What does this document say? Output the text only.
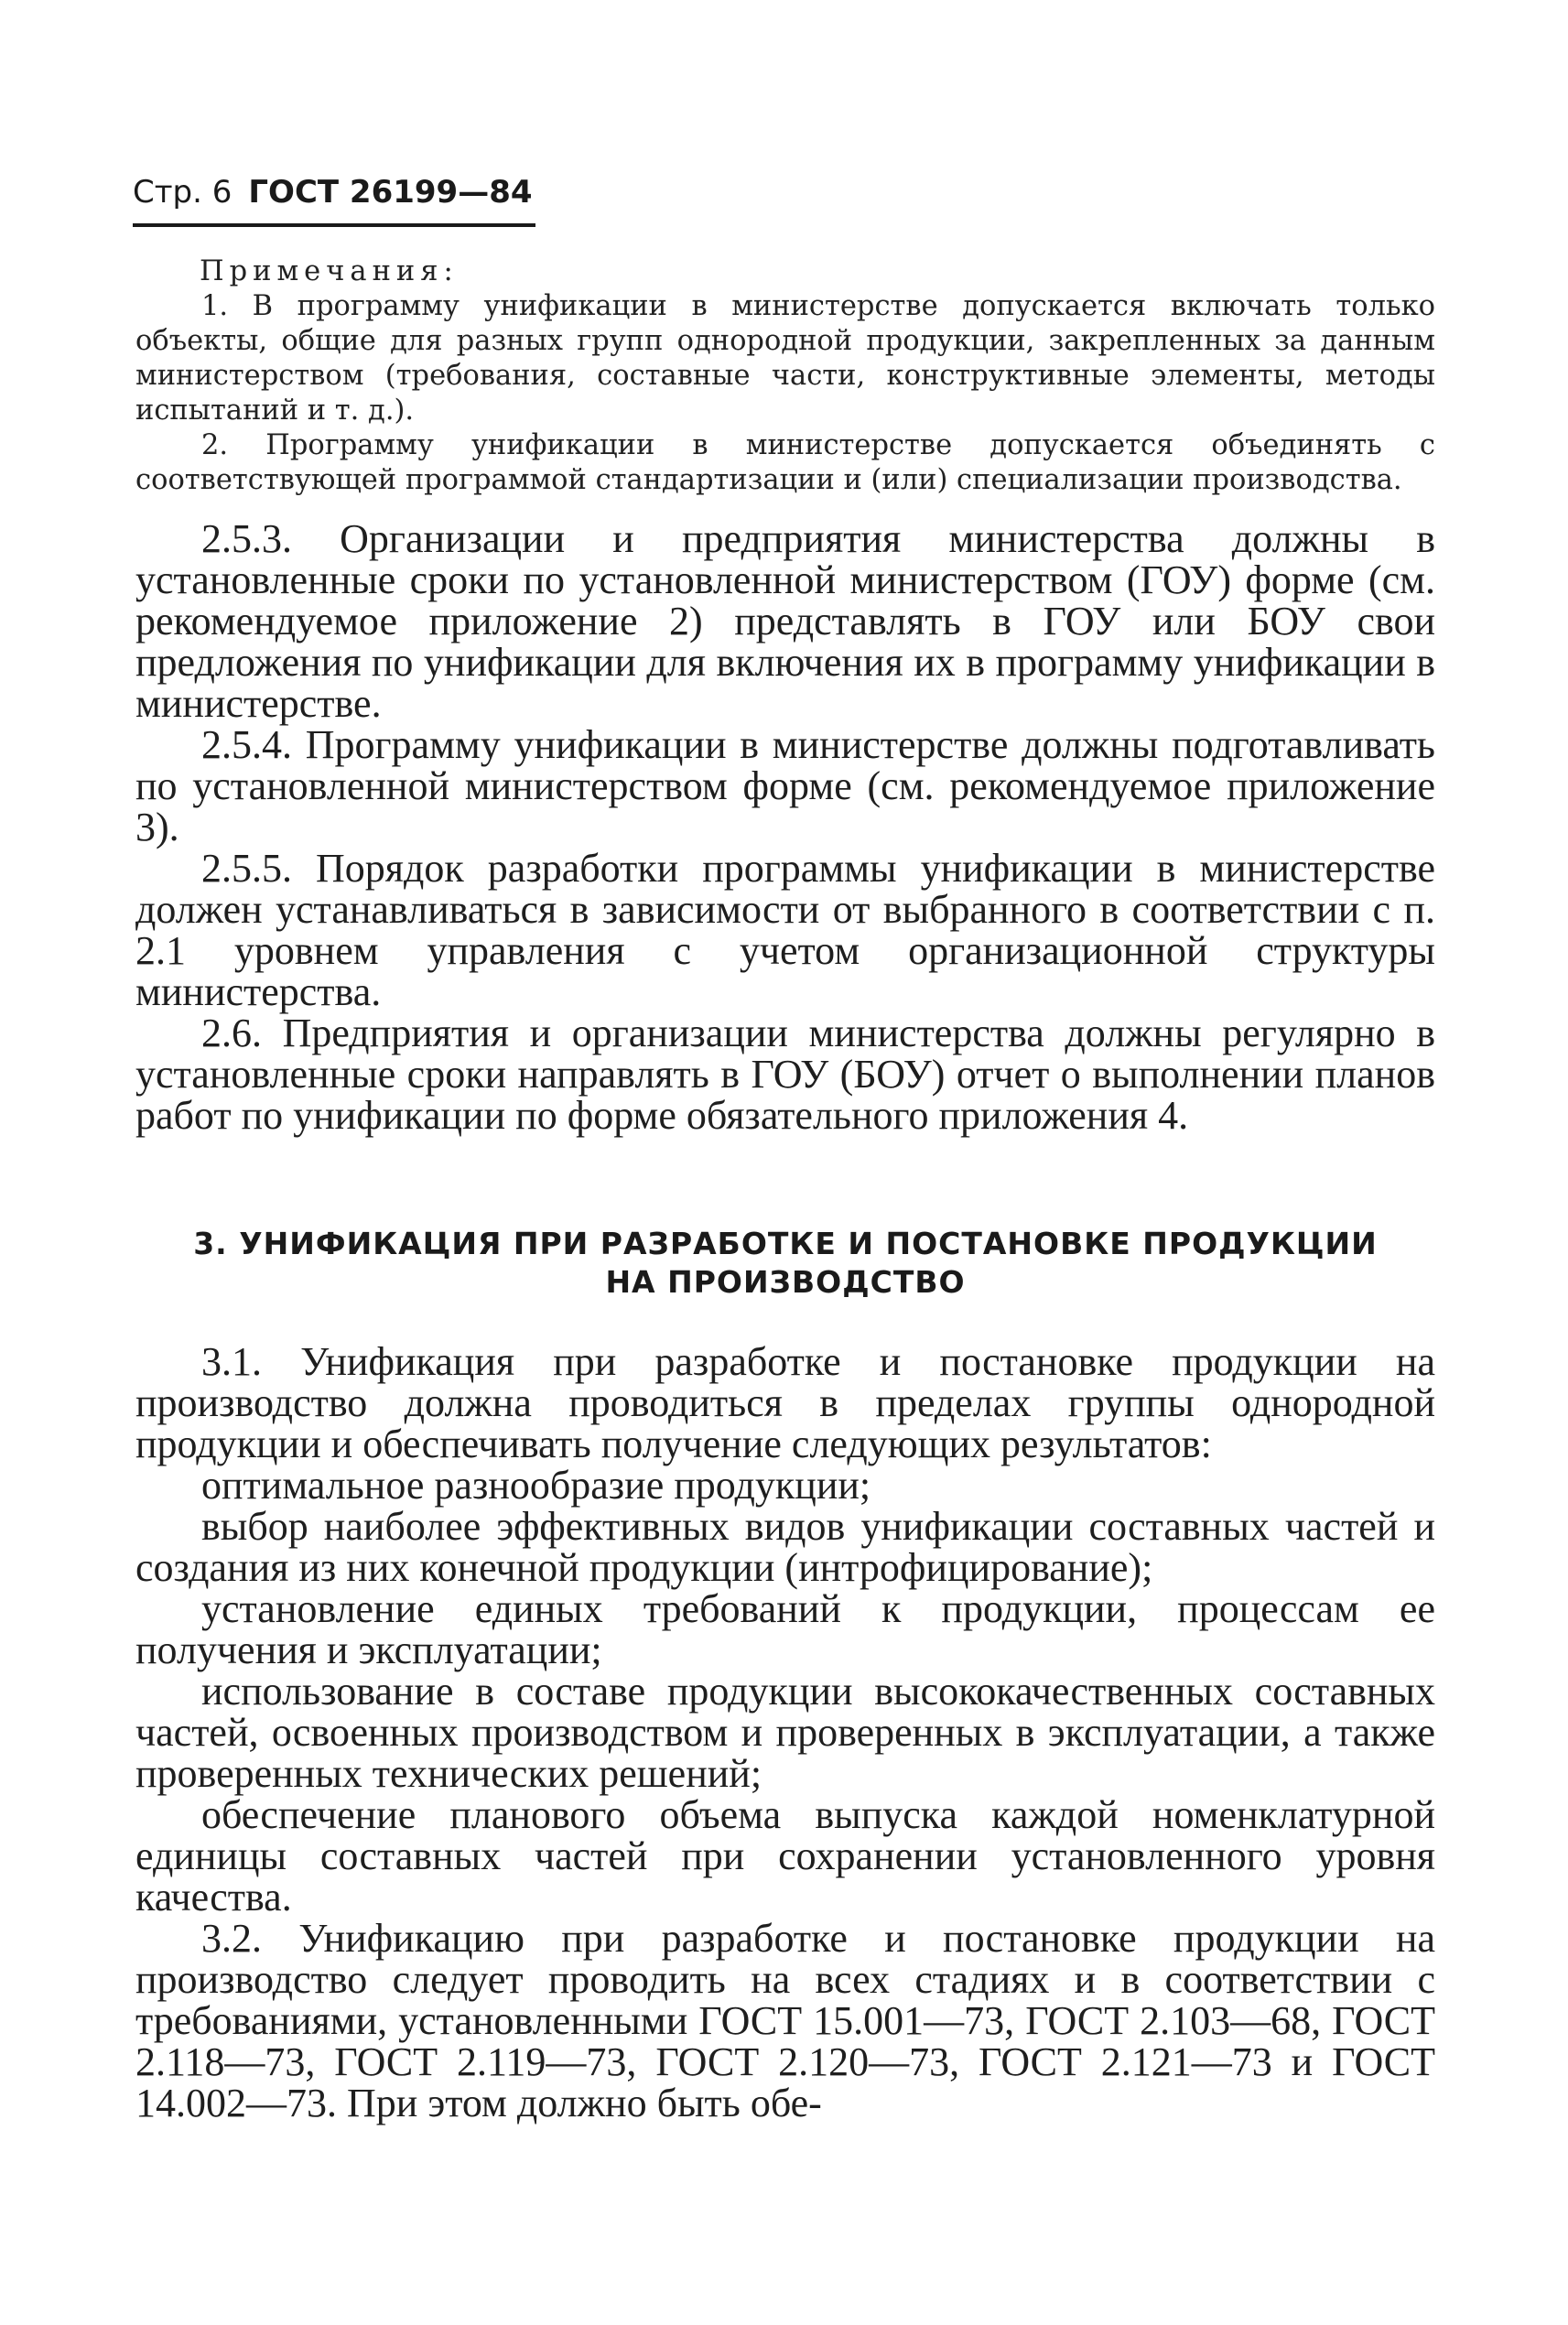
Стр. 6 ГОСТ 26199—84
Примечания:

1. В программу унификации в министерстве допускается включать только объекты, общие для разных групп однородной продукции, закрепленных за данным министерством (требования, составные части, конструктивные элементы, методы испытаний и т. д.).

2. Программу унификации в министерстве допускается объединять с соответствующей программой стандартизации и (или) специализации производства.

2.5.3. Организации и предприятия министерства должны в установленные сроки по установленной министерством (ГОУ) форме (см. рекомендуемое приложение 2) представлять в ГОУ или БОУ свои предложения по унификации для включения их в программу унификации в министерстве.

2.5.4. Программу унификации в министерстве должны подготавливать по установленной министерством форме (см. рекомендуемое приложение 3).

2.5.5. Порядок разработки программы унификации в министерстве должен устанавливаться в зависимости от выбранного в соответствии с п. 2.1 уровнем управления с учетом организационной структуры министерства.

2.6. Предприятия и организации министерства должны регулярно в установленные сроки направлять в ГОУ (БОУ) отчет о выполнении планов работ по унификации по форме обязательного приложения 4.

3. УНИФИКАЦИЯ ПРИ РАЗРАБОТКЕ И ПОСТАНОВКЕ ПРОДУКЦИИ
НА ПРОИЗВОДСТВО

3.1. Унификация при разработке и постановке продукции на производство должна проводиться в пределах группы однородной продукции и обеспечивать получение следующих результатов:

оптимальное разнообразие продукции;

выбор наиболее эффективных видов унификации составных частей и создания из них конечной продукции (интрофицирование);

установление единых требований к продукции, процессам ее получения и эксплуатации;

использование в составе продукции высококачественных составных частей, освоенных производством и проверенных в эксплуатации, а также проверенных технических решений;

обеспечение планового объема выпуска каждой номенклатурной единицы составных частей при сохранении установленного уровня качества.

3.2. Унификацию при разработке и постановке продукции на производство следует проводить на всех стадиях и в соответствии с требованиями, установленными ГОСТ 15.001—73, ГОСТ 2.103—68, ГОСТ 2.118—73, ГОСТ 2.119—73, ГОСТ 2.120—73, ГОСТ 2.121—73 и ГОСТ 14.002—73. При этом должно быть обе-
